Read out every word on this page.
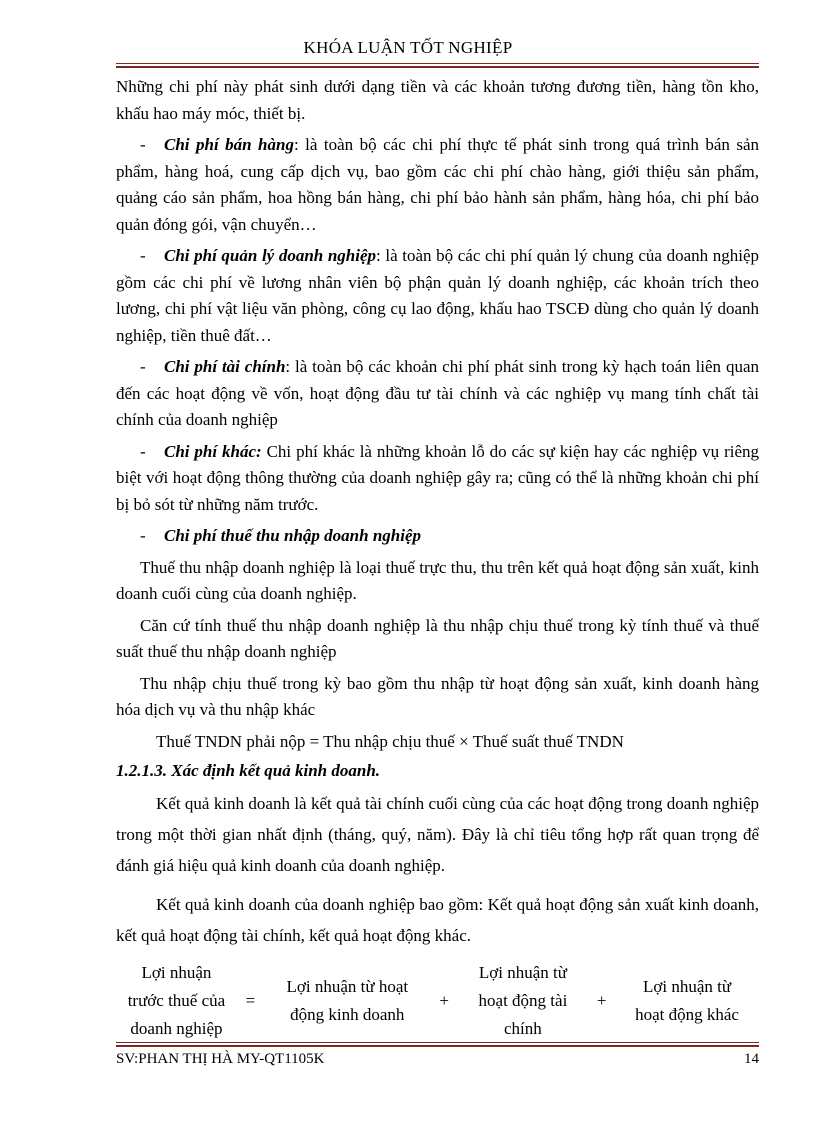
KHÓA LUẬN TỐT NGHIỆP

Những chi phí này phát sinh dưới dạng tiền và các khoản tương đương tiền, hàng tồn kho, khấu hao máy móc, thiết bị.

- Chi phí bán hàng: là toàn bộ các chi phí thực tế phát sinh trong quá trình bán sản phẩm, hàng hoá, cung cấp dịch vụ, bao gồm các chi phí chào hàng, giới thiệu sản phẩm, quảng cáo sản phẩm, hoa hồng bán hàng, chi phí bảo hành sản phẩm, hàng hóa, chi phí bảo quản đóng gói, vận chuyển…

- Chi phí quản lý doanh nghiệp: là toàn bộ các chi phí quản lý chung của doanh nghiệp gồm các chi phí về lương nhân viên bộ phận quản lý doanh nghiệp, các khoản trích theo lương, chi phí vật liệu văn phòng, công cụ lao động, khấu hao TSCĐ dùng cho quản lý doanh nghiệp, tiền thuê đất…

- Chi phí tài chính: là toàn bộ các khoản chi phí phát sinh trong kỳ hạch toán liên quan đến các hoạt động về vốn, hoạt động đầu tư tài chính và các nghiệp vụ mang tính chất tài chính của doanh nghiệp

- Chi phí khác: Chi phí khác là những khoản lỗ do các sự kiện hay các nghiệp vụ riêng biệt với hoạt động thông thường của doanh nghiệp gây ra; cũng có thể là những khoản chi phí bị bỏ sót từ những năm trước.

- Chi phí thuế thu nhập doanh nghiệp

Thuế thu nhập doanh nghiệp là loại thuế trực thu, thu trên kết quả hoạt động sản xuất, kinh doanh cuối cùng của doanh nghiệp.

Căn cứ tính thuế thu nhập doanh nghiệp là thu nhập chịu thuế trong kỳ tính thuế và thuế suất thuế thu nhập doanh nghiệp

Thu nhập chịu thuế trong kỳ bao gồm thu nhập từ hoạt động sản xuất, kinh doanh hàng hóa dịch vụ và thu nhập khác

Thuế TNDN phải nộp = Thu nhập chịu thuế × Thuế suất thuế TNDN
1.2.1.3. Xác định kết quả kinh doanh.

Kết quả kinh doanh là kết quả tài chính cuối cùng của các hoạt động trong doanh nghiệp trong một thời gian nhất định (tháng, quý, năm). Đây là chỉ tiêu tổng hợp rất quan trọng để đánh giá hiệu quả kinh doanh của doanh nghiệp.

Kết quả kinh doanh của doanh nghiệp bao gồm: Kết quả hoạt động sản xuất kinh doanh, kết quả hoạt động tài chính, kết quả hoạt động khác.

Lợi nhuận
trước thuế của
doanh nghiệp
=
Lợi nhuận từ hoạt
động kinh doanh
+
Lợi nhuận từ
hoạt động tài
chính
+
Lợi nhuận từ
hoạt động khác
SV:PHAN THỊ HÀ MY-QT1105K	14
